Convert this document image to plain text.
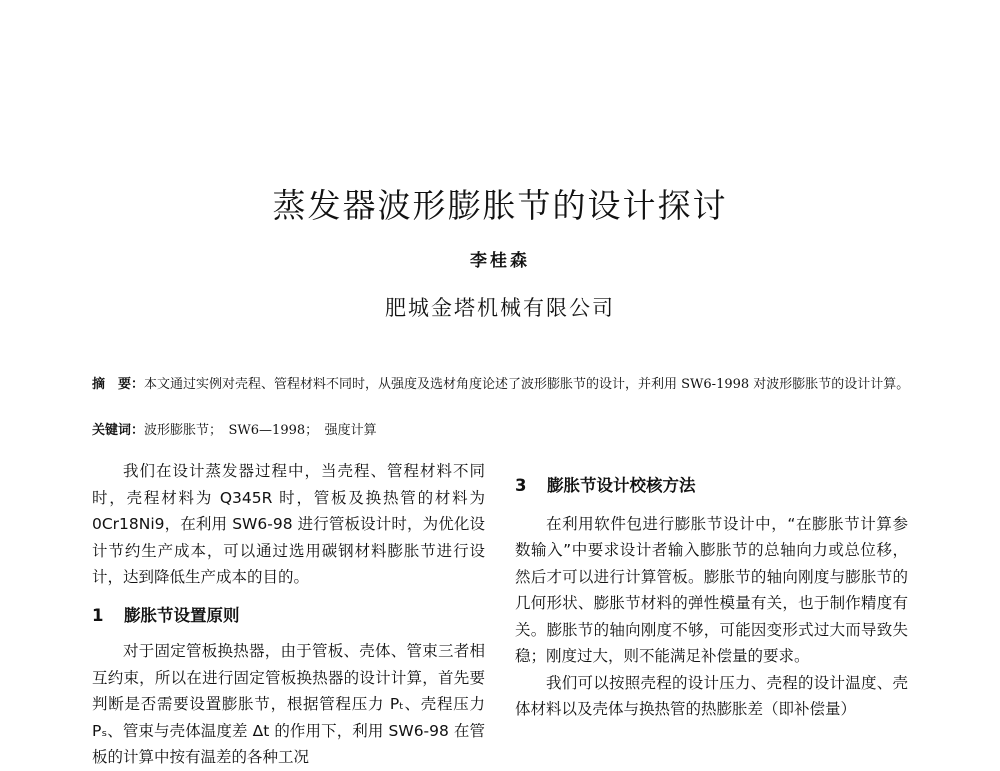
蒸发器波形膨胀节的设计探讨
李桂森
肥城金塔机械有限公司
摘　要：本文通过实例对壳程、管程材料不同时，从强度及选材角度论述了波形膨胀节的设计，并利用 SW6-1998 对波形膨胀节的设计计算。
关键词：波形膨胀节；　SW6—1998；　强度计算

我们在设计蒸发器过程中，当壳程、管程材料不同时，壳程材料为 Q345R 时，管板及换热管的材料为 0Cr18Ni9，在利用 SW6-98 进行管板设计时，为优化设计节约生产成本，可以通过选用碳钢材料膨胀节进行设计，达到降低生产成本的目的。

1 膨胀节设置原则

对于固定管板换热器，由于管板、壳体、管束三者相互约束，所以在进行固定管板换热器的设计计算，首先要判断是否需要设置膨胀节，根据管程压力 Pₜ、壳程压力 Pₛ、管束与壳体温度差 Δt 的作用下，利用 SW6-98 在管板的计算中按有温差的各种工况

3 膨胀节设计校核方法

在利用软件包进行膨胀节设计中，“在膨胀节计算参数输入”中要求设计者输入膨胀节的总轴向力或总位移，然后才可以进行计算管板。膨胀节的轴向刚度与膨胀节的几何形状、膨胀节材料的弹性模量有关，也于制作精度有关。膨胀节的轴向刚度不够，可能因变形式过大而导致失稳；刚度过大，则不能满足补偿量的要求。

我们可以按照壳程的设计压力、壳程的设计温度、壳体材料以及壳体与换热管的热膨胀差（即补偿量）
